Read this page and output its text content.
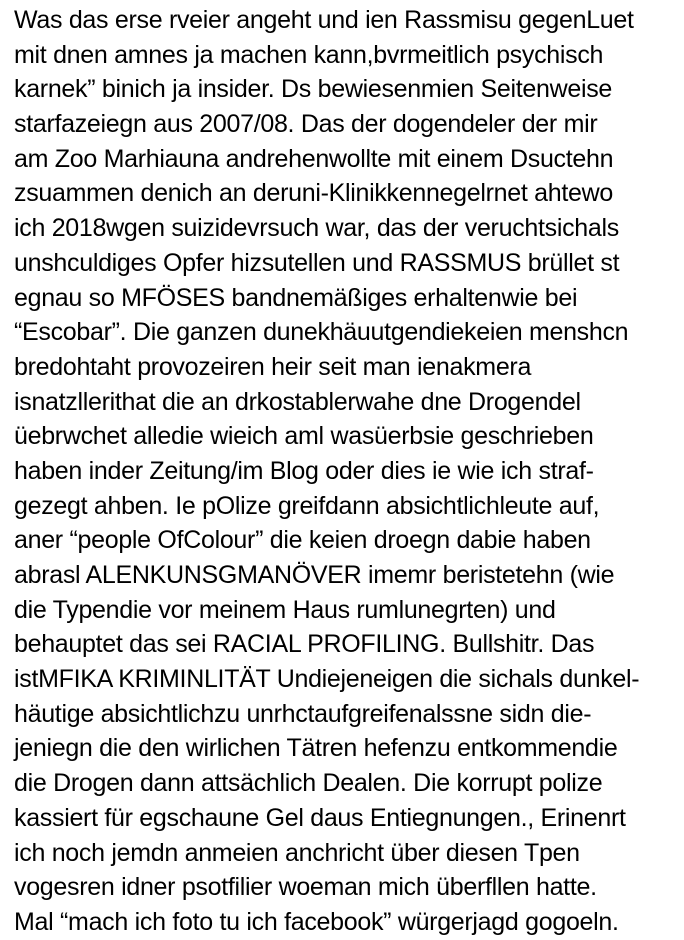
Was das erse rveier angeht und ien Rassmisu gegenLuet
mit dnen amnes ja machen kann,bvrmeitlich psychisch
karnek” binich ja insider. Ds bewiesenmien Seitenweise
starfazeiegn aus 2007/08. Das der dogendeler der mir
am Zoo Marhiauna andrehenwollte mit einem Dsuctehn
zsuammen denich an deruni-Klinikkennegelrnet ahtewo
ich 2018wgen suizidevrsuch war, das der veruchtsichals
unshculdiges Opfer hizsutellen und RASSMUS brüllet st
egnau so MFÖSES bandnemäßiges erhaltenwie bei
“Escobar”. Die ganzen dunekhäuutgendiekeien menshcn
bredohtaht provozeiren heir seit man ienakmera
isnatzllerithat die an drkostablerwahe dne Drogendel
üebrwchet alledie wieich aml wasüerbsie geschrieben
haben inder Zeitung/im Blog oder dies ie wie ich straf-
gezegt ahben. Ie pOlize greifdann absichtlichleute auf,
aner “people OfColour” die keien droegn dabie haben
abrasl ALENKUNSGMANÖVER imemr beristetehn (wie
die Typendie vor meinem Haus rumlunegrten) und
behauptet das sei RACIAL PROFILING. Bullshitr. Das
istMFIKA KRIMINLITÄT Undiejeneigen die sichals dunkel-
häutige absichtlichzu unrhctaufgreifenalssne sidn die-
jeniegn die den wirlichen Tätren hefenzu entkommendie
die Drogen dann attsächlich Dealen. Die korrupt polize
kassiert für egschaune Gel daus Entiegnungen., Erinenrt
ich noch jemdn anmeien anchricht über diesen Tpen
vogesren idner psotfilier woeman mich überfllen hatte.
Mal “mach ich foto tu ich facebook” würgerjagd gogoeln.
